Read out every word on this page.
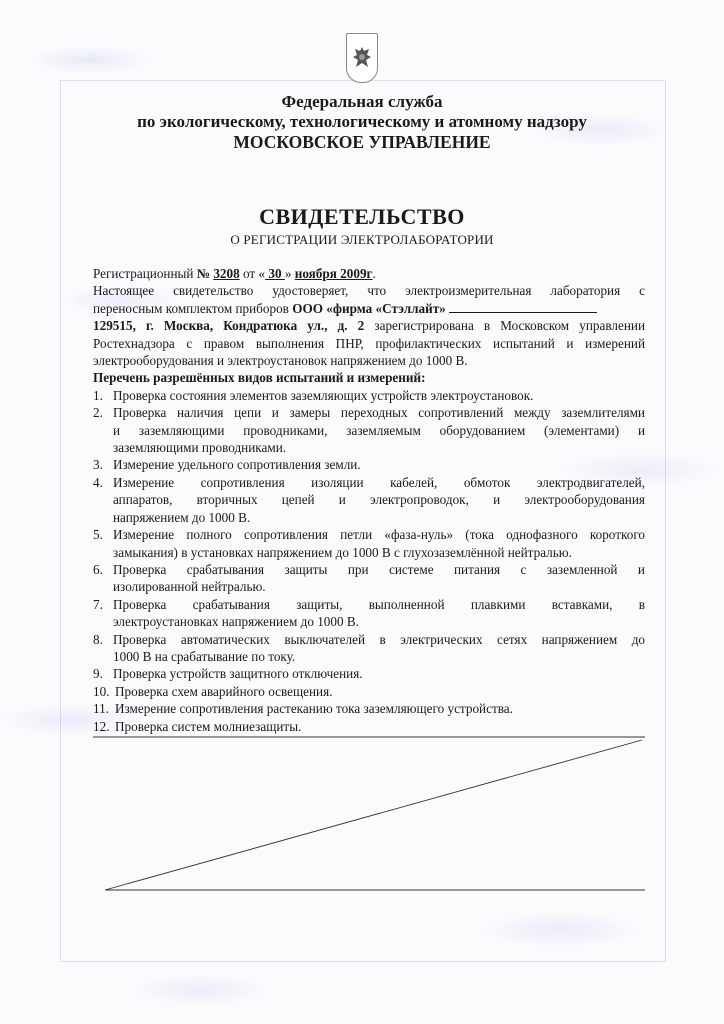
Федеральная служба
по экологическому, технологическому и атомному надзору
МОСКОВСКОЕ УПРАВЛЕНИЕ
СВИДЕТЕЛЬСТВО
О РЕГИСТРАЦИИ ЭЛЕКТРОЛАБОРАТОРИИ
Регистрационный № 3208 от « 30 » ноября 2009г.
Настоящее свидетельство удостоверяет, что электроизмерительная лаборатория с
переносным комплектом приборов ООО «фирма «Стэллайт»
129515, г. Москва, Кондратюка ул., д. 2 зарегистрирована в Московском управлении
Ростехнадзора с правом выполнения ПНР, профилактических испытаний и измерений
электрооборудования и электроустановок напряжением до 1000 В.
Перечень разрешённых видов испытаний и измерений:
1. Проверка состояния элементов заземляющих устройств электроустановок.
2. Проверка наличия цепи и замеры переходных сопротивлений между заземлителями
и заземляющими проводниками, заземляемым оборудованием (элементами) и
заземляющими проводниками.
3. Измерение удельного сопротивления земли.
4. Измерение сопротивления изоляции кабелей, обмоток электродвигателей,
аппаратов, вторичных цепей и электропроводок, и электрооборудования
напряжением до 1000 В.
5. Измерение полного сопротивления петли «фаза-нуль» (тока однофазного короткого
замыкания) в установках напряжением до 1000 В с глухозаземлённой нейтралью.
6. Проверка срабатывания защиты при системе питания с заземленной и
изолированной нейтралью.
7. Проверка срабатывания защиты, выполненной плавкими вставками, в
электроустановках напряжением до 1000 В.
8. Проверка автоматических выключателей в электрических сетях напряжением до
1000 В на срабатывание по току.
9. Проверка устройств защитного отключения.
10. Проверка схем аварийного освещения.
11. Измерение сопротивления растеканию тока заземляющего устройства.
12. Проверка систем молниезащиты.
